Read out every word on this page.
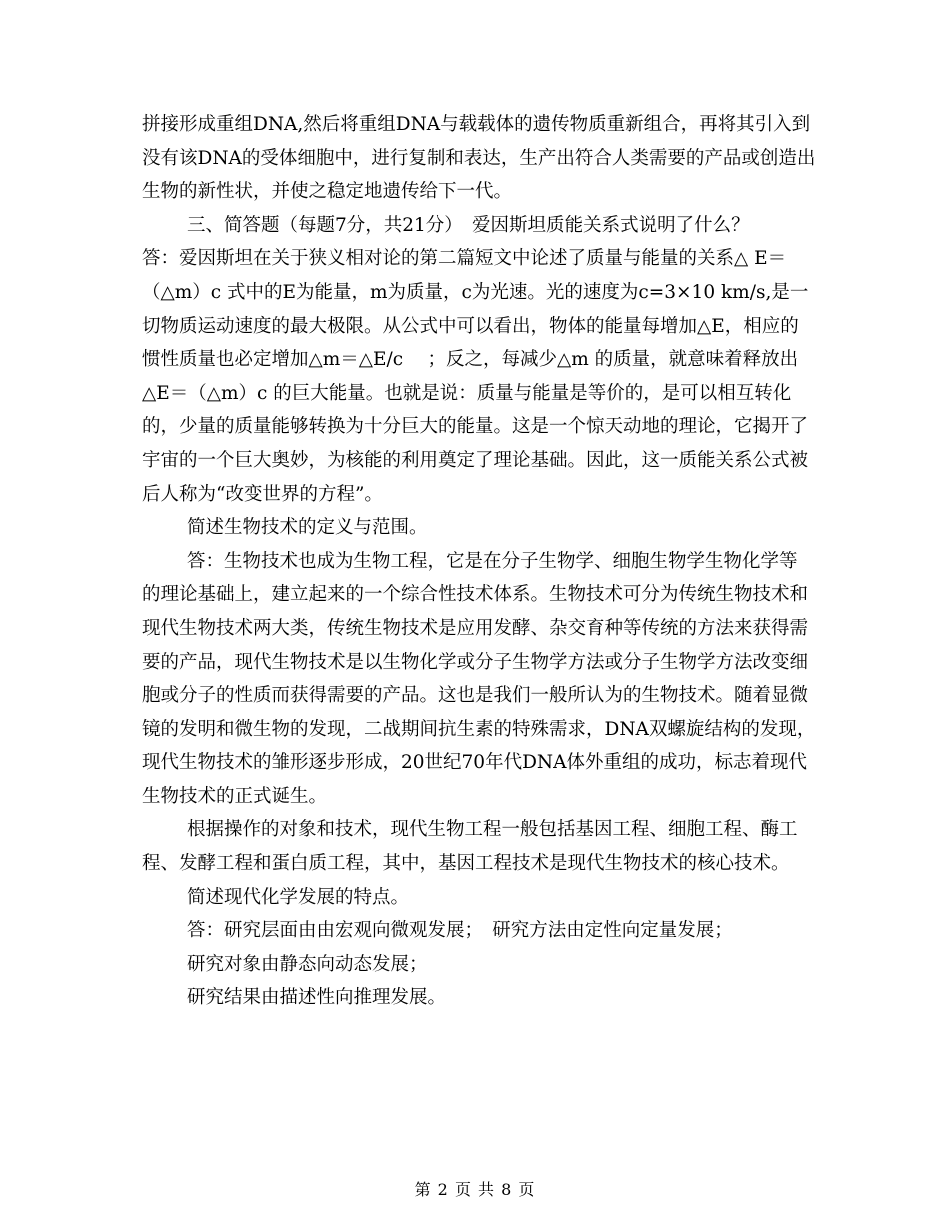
拼接形成重组DNA,然后将重组DNA与载载体的遗传物质重新组合，再将其引入到
没有该DNA的受体细胞中，进行复制和表达，生产出符合人类需要的产品或创造出
生物的新性状，并使之稳定地遗传给下一代。
三、简答题（每题7分，共21分）　爱因斯坦质能关系式说明了什么？
答：爱因斯坦在关于狭义相对论的第二篇短文中论述了质量与能量的关系△ E＝
（△m）c 式中的E为能量，m为质量，c为光速。光的速度为c=3×10 km/s,是一
切物质运动速度的最大极限。从公式中可以看出，物体的能量每增加△E，相应的
惯性质量也必定增加△m＝△E/c　 ；反之，每减少△m 的质量，就意味着释放出
△E＝（△m）c 的巨大能量。也就是说：质量与能量是等价的，是可以相互转化
的，少量的质量能够转换为十分巨大的能量。这是一个惊天动地的理论，它揭开了
宇宙的一个巨大奥妙，为核能的利用奠定了理论基础。因此，这一质能关系公式被
后人称为“改变世界的方程”。
简述生物技术的定义与范围。
答：生物技术也成为生物工程，它是在分子生物学、细胞生物学生物化学等
的理论基础上，建立起来的一个综合性技术体系。生物技术可分为传统生物技术和
现代生物技术两大类，传统生物技术是应用发酵、杂交育种等传统的方法来获得需
要的产品，现代生物技术是以生物化学或分子生物学方法或分子生物学方法改变细
胞或分子的性质而获得需要的产品。这也是我们一般所认为的生物技术。随着显微
镜的发明和微生物的发现，二战期间抗生素的特殊需求，DNA双螺旋结构的发现，
现代生物技术的雏形逐步形成，20世纪70年代DNA体外重组的成功，标志着现代
生物技术的正式诞生。
根据操作的对象和技术，现代生物工程一般包括基因工程、细胞工程、酶工
程、发酵工程和蛋白质工程，其中，基因工程技术是现代生物技术的核心技术。
简述现代化学发展的特点。
答：研究层面由由宏观向微观发展；　研究方法由定性向定量发展；
研究对象由静态向动态发展；
研究结果由描述性向推理发展。
第 2 页 共 8 页
